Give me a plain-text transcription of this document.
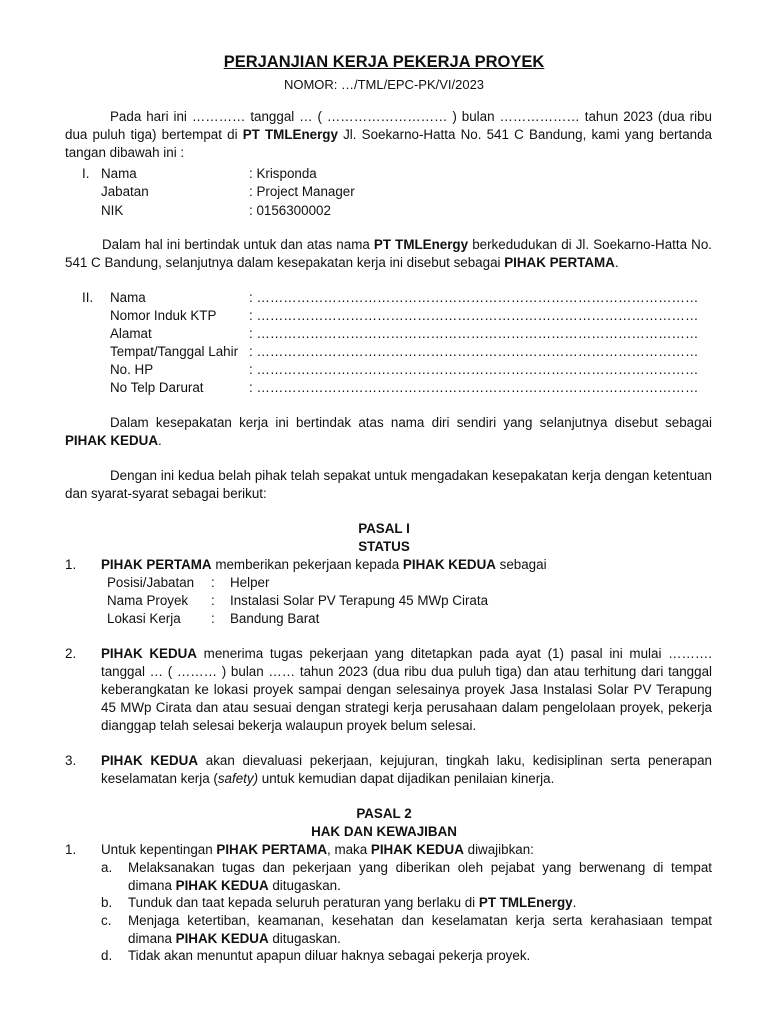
PERJANJIAN KERJA PEKERJA PROYEK
NOMOR: …/TML/EPC-PK/VI/2023
Pada hari ini ………… tanggal … ( ……………………… ) bulan ……………… tahun 2023 (dua ribu dua puluh tiga) bertempat di PT TMLEnergy Jl. Soekarno-Hatta No. 541 C Bandung, kami yang bertanda tangan dibawah ini :
I. Nama	: Krisponda
Jabatan	: Project Manager
NIK	: 0156300002
Dalam hal ini bertindak untuk dan atas nama PT TMLEnergy berkedudukan di Jl. Soekarno-Hatta No. 541 C Bandung, selanjutnya dalam kesepakatan kerja ini disebut sebagai PIHAK PERTAMA.
II. Nama	: ………………………………………………………………………………………
Nomor Induk KTP : ………………………………………………………………………………………
Alamat	: ………………………………………………………………………………………
Tempat/Tanggal Lahir : ………………………………………………………………………………………
No. HP	: ………………………………………………………………………………………
No Telp Darurat	: ………………………………………………………………………………………
Dalam kesepakatan kerja ini bertindak atas nama diri sendiri yang selanjutnya disebut sebagai PIHAK KEDUA.
Dengan ini kedua belah pihak telah sepakat untuk mengadakan kesepakatan kerja dengan ketentuan dan syarat-syarat sebagai berikut:
PASAL I
STATUS
1. PIHAK PERTAMA memberikan pekerjaan kepada PIHAK KEDUA sebagai
Posisi/Jabatan : Helper
Nama Proyek : Instalasi Solar PV Terapung 45 MWp Cirata
Lokasi Kerja : Bandung Barat
2. PIHAK KEDUA menerima tugas pekerjaan yang ditetapkan pada ayat (1) pasal ini mulai ………. tanggal … ( ……… ) bulan …… tahun 2023 (dua ribu dua puluh tiga) dan atau terhitung dari tanggal keberangkatan ke lokasi proyek sampai dengan selesainya proyek Jasa Instalasi Solar PV Terapung 45 MWp Cirata dan atau sesuai dengan strategi kerja perusahaan dalam pengelolaan proyek, pekerja dianggap telah selesai bekerja walaupun proyek belum selesai.
3. PIHAK KEDUA akan dievaluasi pekerjaan, kejujuran, tingkah laku, kedisiplinan serta penerapan keselamatan kerja (safety) untuk kemudian dapat dijadikan penilaian kinerja.
PASAL 2
HAK DAN KEWAJIBAN
1. Untuk kepentingan PIHAK PERTAMA, maka PIHAK KEDUA diwajibkan:
a. Melaksanakan tugas dan pekerjaan yang diberikan oleh pejabat yang berwenang di tempat dimana PIHAK KEDUA ditugaskan.
b. Tunduk dan taat kepada seluruh peraturan yang berlaku di PT TMLEnergy.
c. Menjaga ketertiban, keamanan, kesehatan dan keselamatan kerja serta kerahasiaan tempat dimana PIHAK KEDUA ditugaskan.
d. Tidak akan menuntut apapun diluar haknya sebagai pekerja proyek.
